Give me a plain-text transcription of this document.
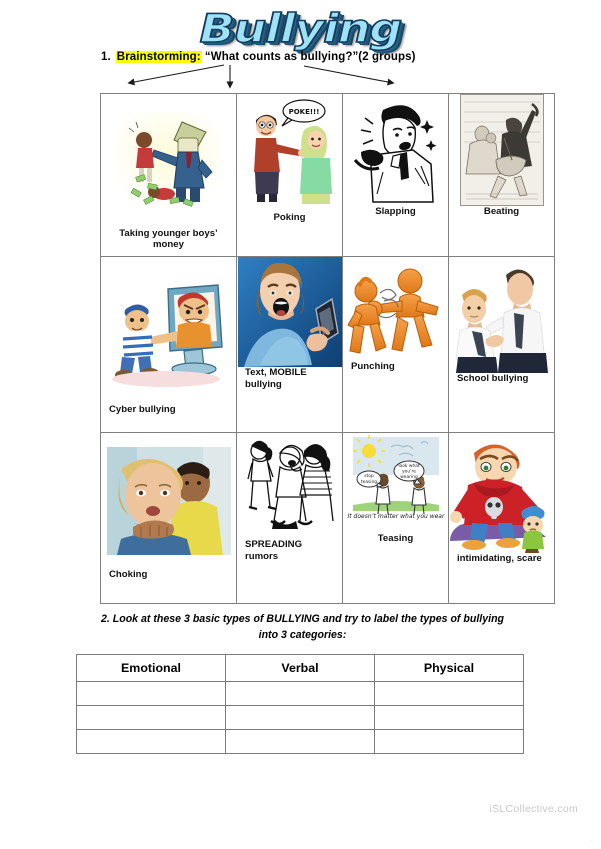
Bullying
1. Brainstorming: “What counts as bullying?”(2 groups)
Taking younger boys’ money	POKE!!!
Poking	Slapping	Beating

Cyber bullying	Text, MOBILE bullying	Punching	School bullying

Choking

SPREADING rumors

stop
teasing
look what
you’re
wearing
It doesn’t matter what you wear
Teasing

intimidating, scare
2. Look at these 3 basic types of BULLYING and try to label the types of bullying into 3 categories:
Emotional	Verbal	Physical

iSLCollective.com
.
